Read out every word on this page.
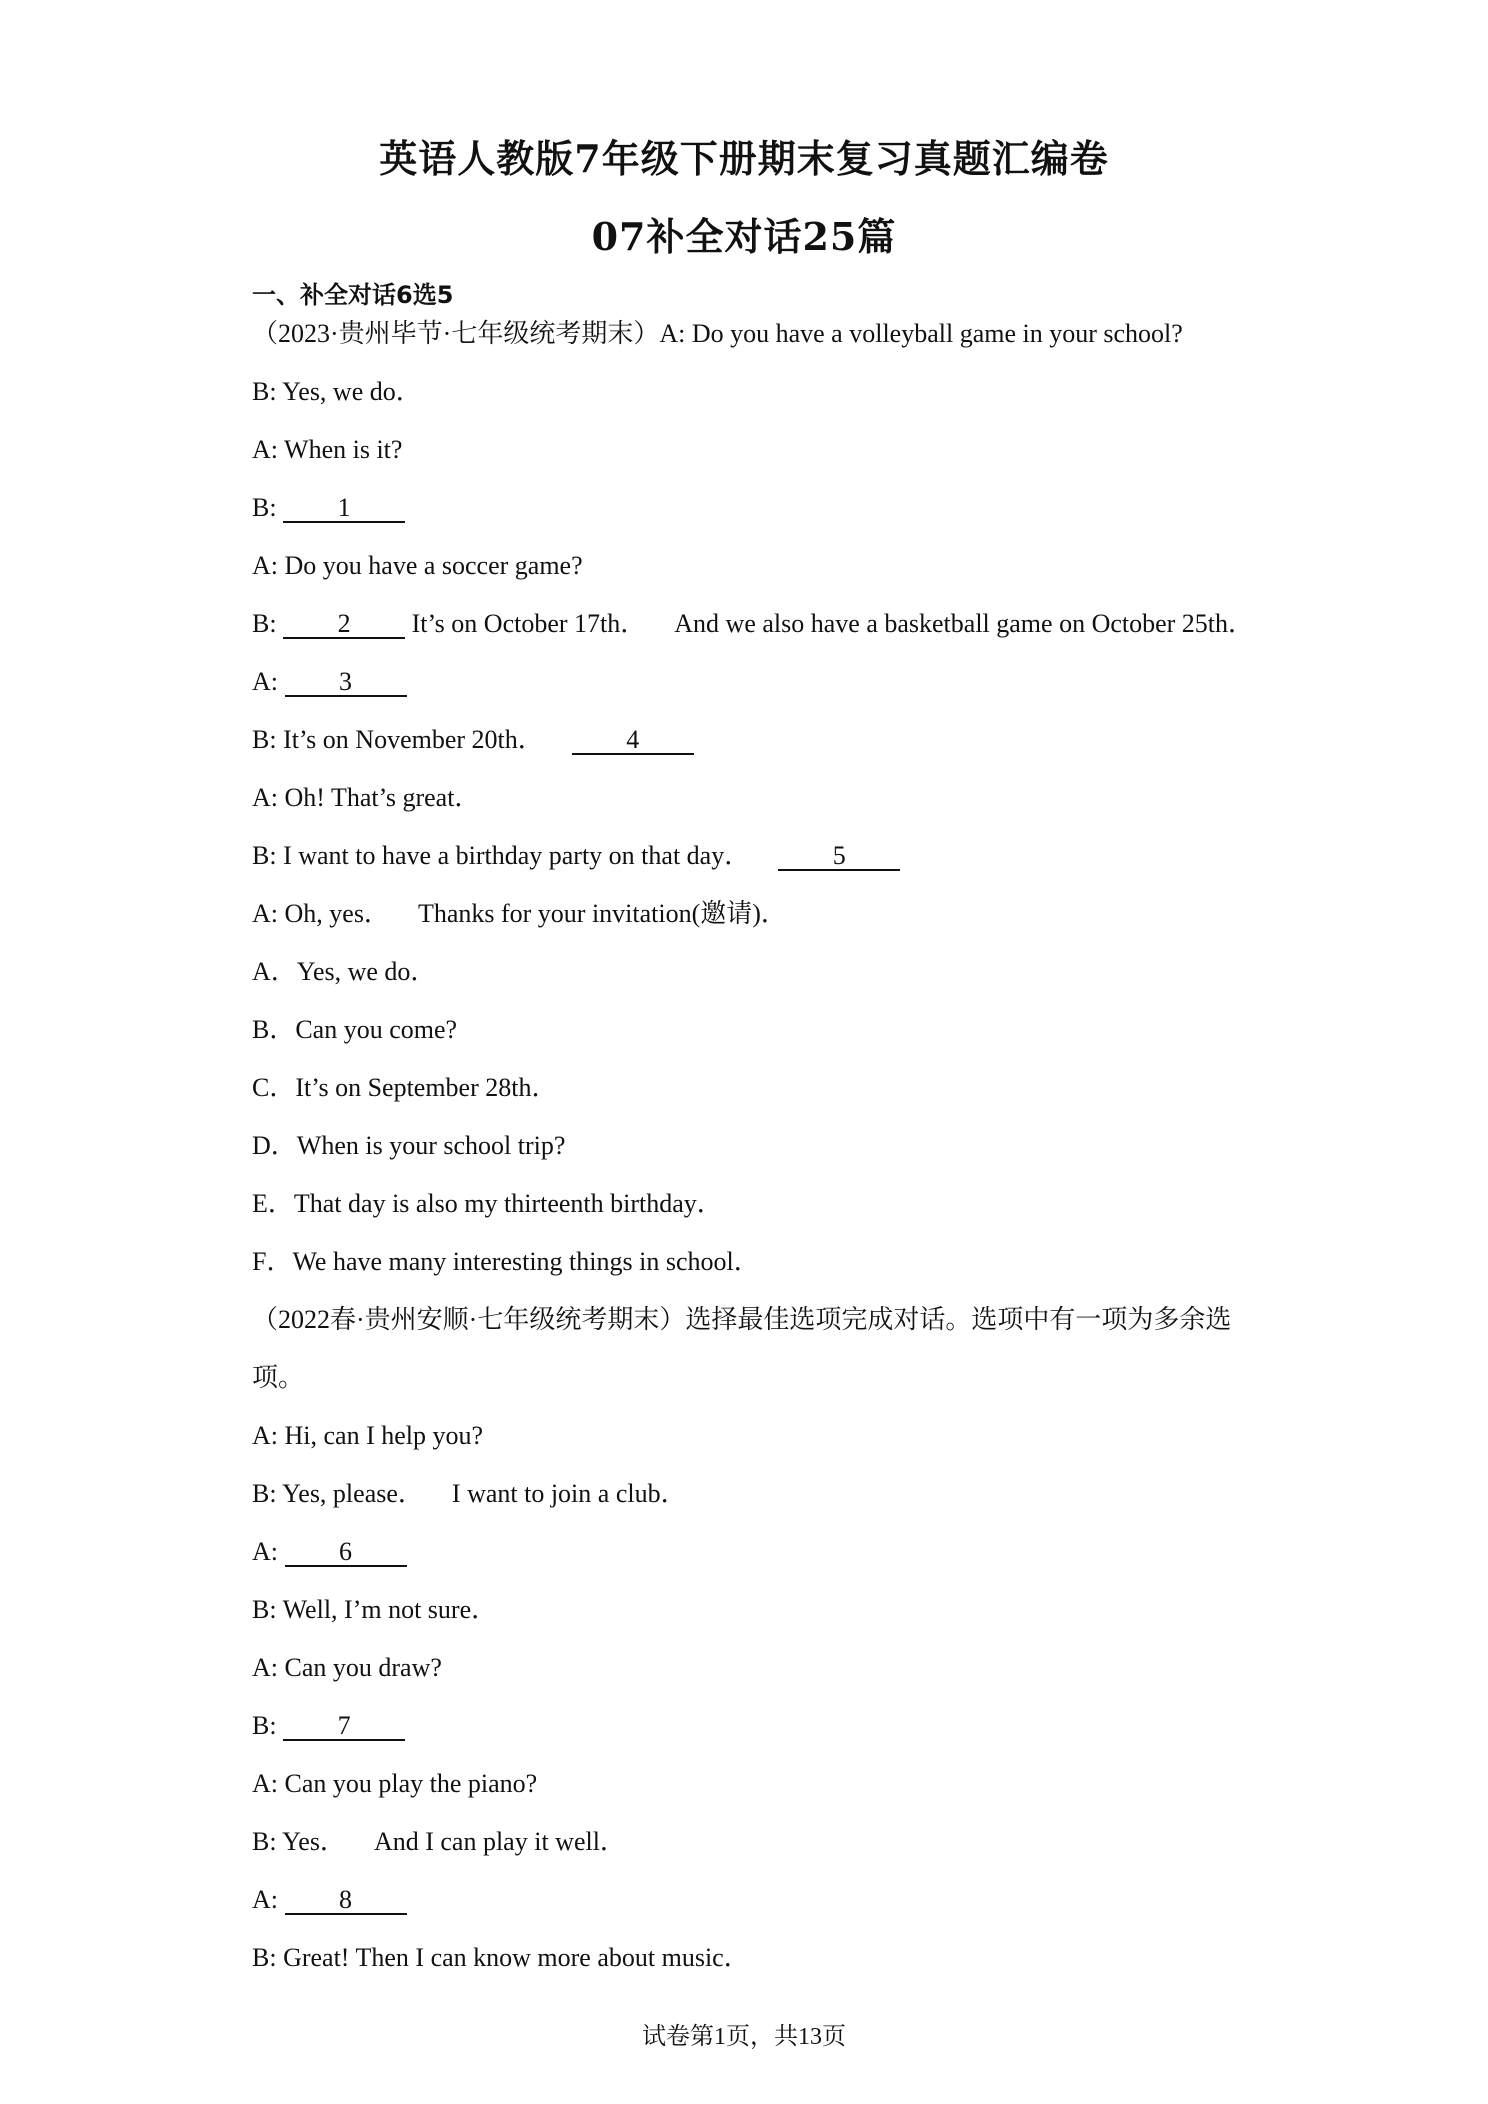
英语人教版7年级下册期末复习真题汇编卷
07补全对话25篇

一、补全对话6选5

（2023·贵州毕节·七年级统考期末）A: Do you have a volleyball game in your school?

B: Yes, we do．

A: When is it?

B: 1

A: Do you have a soccer game?

B: 2 It’s on October 17th． And we also have a basketball game on October 25th．

A: 3

B: It’s on November 20th．	4

A: Oh! That’s great．

B: I want to have a birthday party on that day．	5

A: Oh, yes． Thanks for your invitation(邀请)．

A．Yes, we do．

B．Can you come?

C．It’s on September 28th．

D．When is your school trip?

E．That day is also my thirteenth birthday．

F．We have many interesting things in school．

（2022春·贵州安顺·七年级统考期末）选择最佳选项完成对话。选项中有一项为多余选

项。

A: Hi, can I help you?

B: Yes, please． I want to join a club．

A: 6

B: Well, I’m not sure．

A: Can you draw?

B: 7

A: Can you play the piano?

B: Yes． And I can play it well．

A: 8

B: Great! Then I can know more about music．

试卷第1页，共13页
